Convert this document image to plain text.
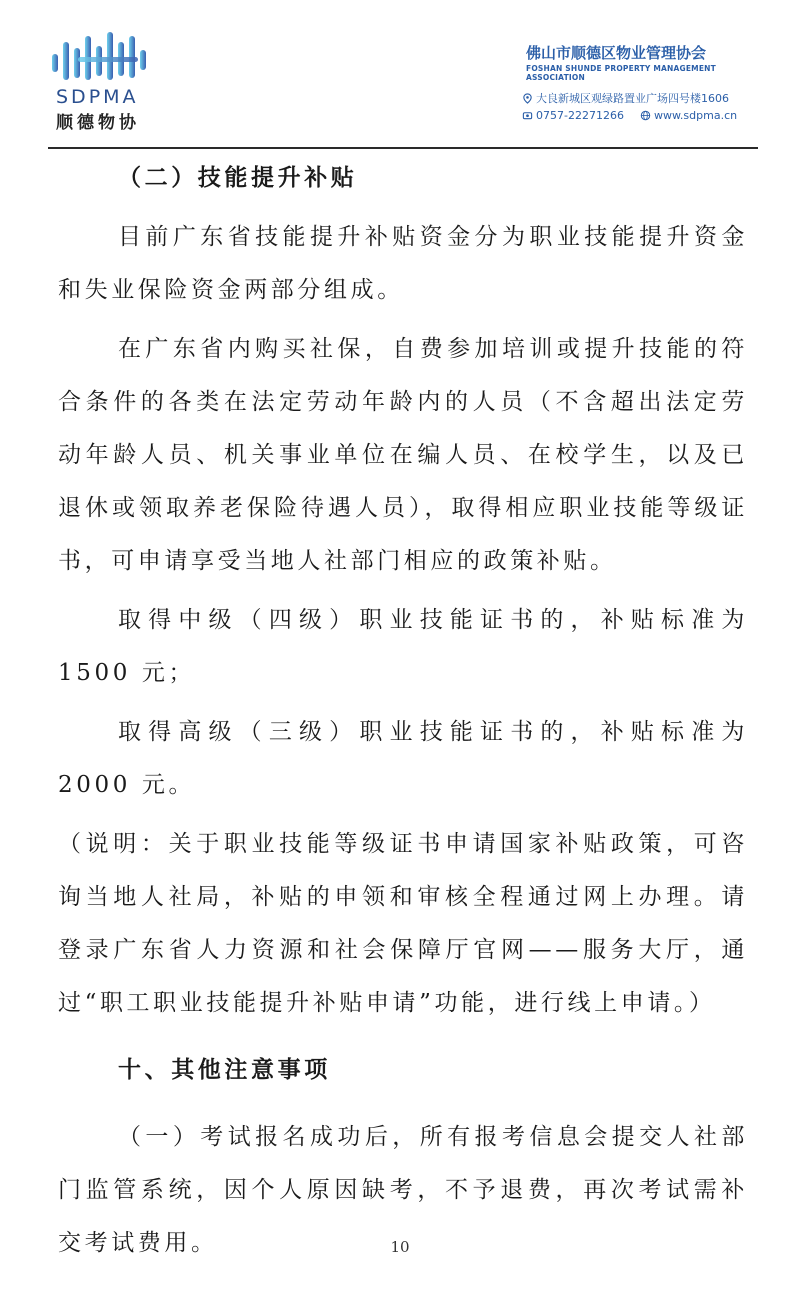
SDPMA
顺德物协
佛山市顺德区物业管理协会
FOSHAN SHUNDE PROPERTY MANAGEMENT ASSOCIATION
大良新城区观绿路置业广场四号楼1606
0757-22271266	www.sdpma.cn

（二）技能提升补贴

目前广东省技能提升补贴资金分为职业技能提升资金和失业保险资金两部分组成。

在广东省内购买社保，自费参加培训或提升技能的符合条件的各类在法定劳动年龄内的人员（不含超出法定劳动年龄人员、机关事业单位在编人员、在校学生，以及已退休或领取养老保险待遇人员），取得相应职业技能等级证书，可申请享受当地人社部门相应的政策补贴。

取得中级（四级）职业技能证书的，补贴标准为 1500 元；

取得高级（三级）职业技能证书的，补贴标准为 2000 元。

（说明：关于职业技能等级证书申请国家补贴政策，可咨询当地人社局，补贴的申领和审核全程通过网上办理。请登录广东省人力资源和社会保障厅官网——服务大厅，通过“职工职业技能提升补贴申请”功能，进行线上申请。）

十、其他注意事项

（一）考试报名成功后，所有报考信息会提交人社部门监管系统，因个人原因缺考，不予退费，再次考试需补交考试费用。	10
